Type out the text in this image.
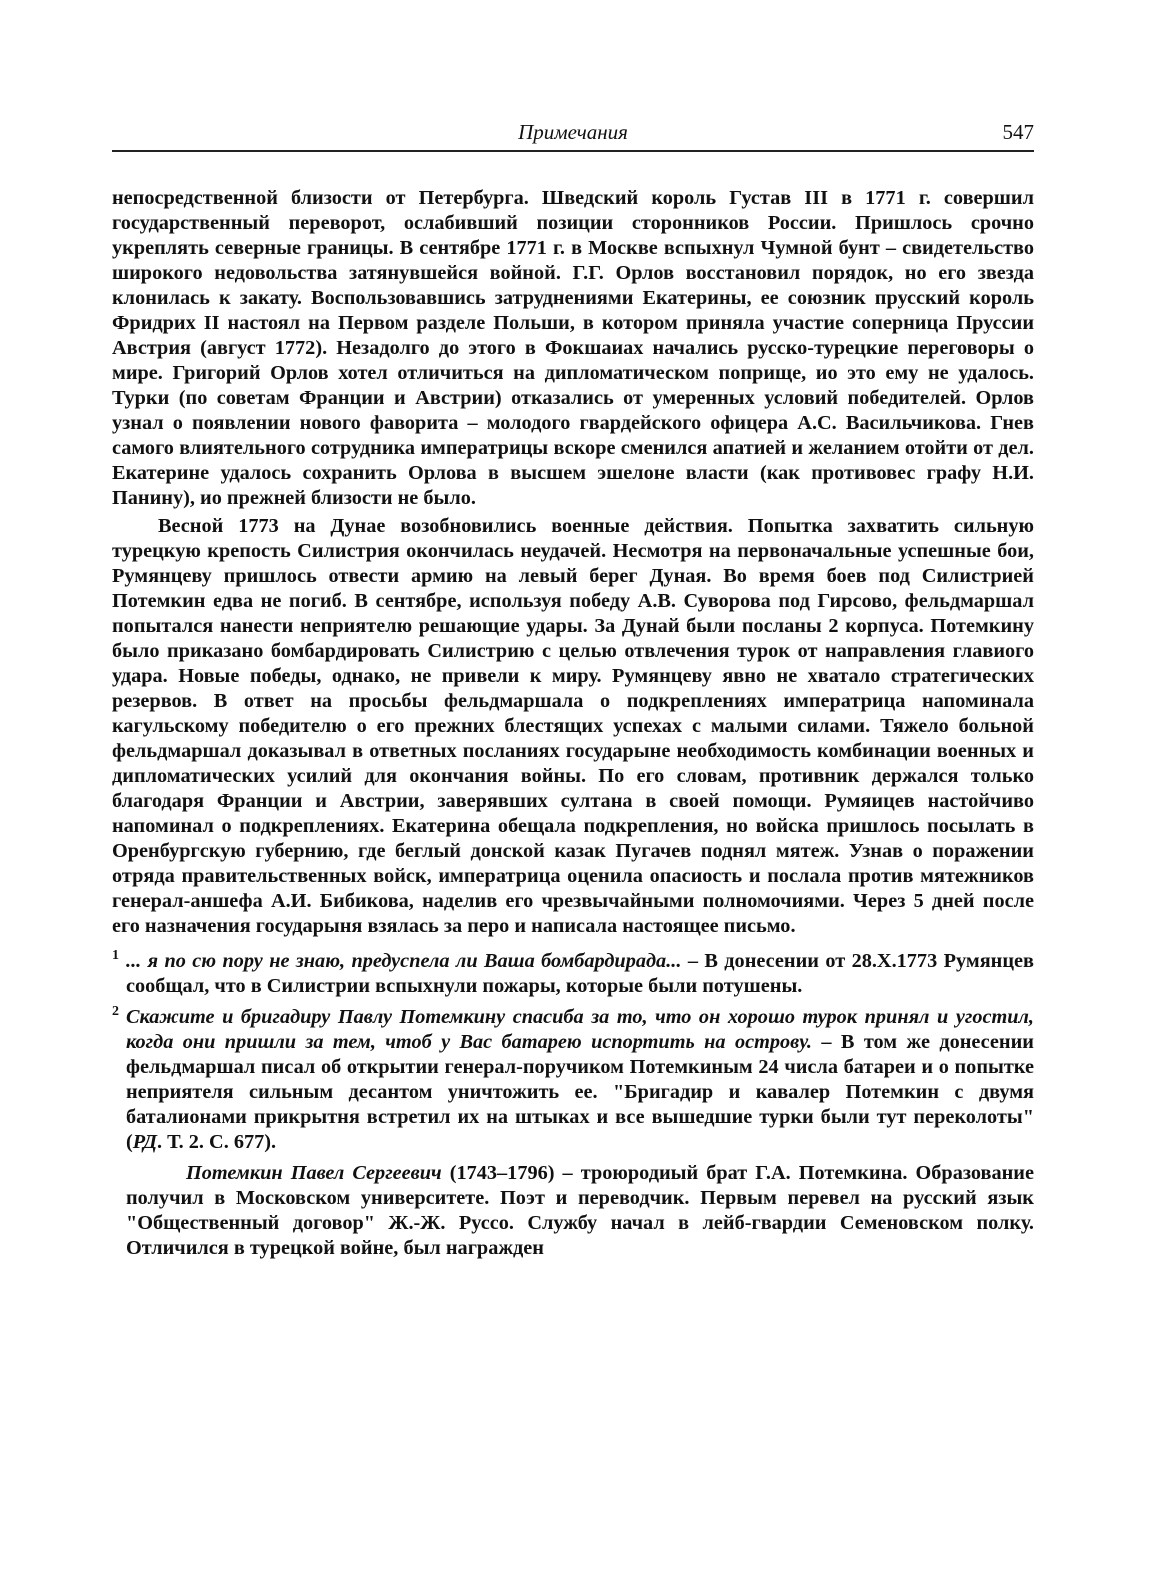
Примечания	547

непосредственной близости от Петербурга. Шведский король Густав III в 1771 г. совершил государственный переворот, ослабивший позиции сторонников России. Пришлось срочно укреплять северные границы. В сентябре 1771 г. в Москве вспыхнул Чумной бунт – свидетельство широкого недовольства затянувшейся войной. Г.Г. Орлов восстановил порядок, но его звезда клонилась к закату. Воспользовавшись затруднениями Екатерины, ее союзник прусский король Фридрих II настоял на Первом разделе Польши, в котором приняла участие соперница Пруссии Австрия (август 1772). Незадолго до этого в Фокшаиах начались русско-турецкие переговоры о мире. Григорий Орлов хотел отличиться на дипломатическом поприще, ио это ему не удалось. Турки (по советам Франции и Австрии) отказались от умеренных условий победителей. Орлов узнал о появлении нового фаворита – молодого гвардейского офицера А.С. Васильчикова. Гнев самого влиятельного сотрудника императрицы вскоре сменился апатией и желанием отойти от дел. Екатерине удалось сохранить Орлова в высшем эшелоне власти (как противовес графу Н.И. Панину), ио прежней близости не было.

Весной 1773 на Дунае возобновились военные действия. Попытка захватить сильную турецкую крепость Силистрия окончилась неудачей. Несмотря на первоначальные успешные бои, Румянцеву пришлось отвести армию на левый берег Дуная. Во время боев под Силистрией Потемкин едва не погиб. В сентябре, используя победу А.В. Суворова под Гирсово, фельдмаршал попытался нанести неприятелю решающие удары. За Дунай были посланы 2 корпуса. Потемкину было приказано бомбардировать Силистрию с целью отвлечения турок от направления главиого удара. Новые победы, однако, не привели к миру. Румянцеву явно не хватало стратегических резервов. В ответ на просьбы фельдмаршала о подкреплениях императрица напоминала кагульскому победителю о его прежних блестящих успехах с малыми силами. Тяжело больной фельдмаршал доказывал в ответных посланиях государыне необходимость комбинации военных и дипломатических усилий для окончания войны. По его словам, противник держался только благодаря Франции и Австрии, заверявших султана в своей помощи. Румяицев настойчиво напоминал о подкреплениях. Екатерина обещала подкрепления, но войска пришлось посылать в Оренбургскую губернию, где беглый донской казак Пугачев поднял мятеж. Узнав о поражении отряда правительственных войск, императрица оценила опасиость и послала против мятежников генерал-аншефа А.И. Бибикова, наделив его чрезвычайными полномочиями. Через 5 дней после его назначения государыня взялась за перо и написала настоящее письмо.

1 ... я по сю пору не знаю, предуспела ли Ваша бомбардирада... – В донесении от 28.X.1773 Румянцев сообщал, что в Силистрии вспыхнули пожары, которые были потушены.
2 Скажите и бригадиру Павлу Потемкину спасиба за то, что он хорошо турок принял и угостил, когда они пришли за тем, чтоб у Вас батарею испортить на острову. – В том же донесении фельдмаршал писал об открытии генерал-поручиком Потемкиным 24 числа батареи и о попытке неприятеля сильным десантом уничтожить ее. "Бригадир и кавалер Потемкин с двумя баталионами прикрытня встретил их на штыках и все вышедшие турки были тут переколоты" (РД. Т. 2. С. 677).
Потемкин Павел Сергеевич (1743–1796) – троюродиый брат Г.А. Потемкина. Образование получил в Московском университете. Поэт и переводчик. Первым перевел на русский язык "Общественный договор" Ж.-Ж. Руссо. Службу начал в лейб-гвардии Семеновском полку. Отличился в турецкой войне, был награжден
